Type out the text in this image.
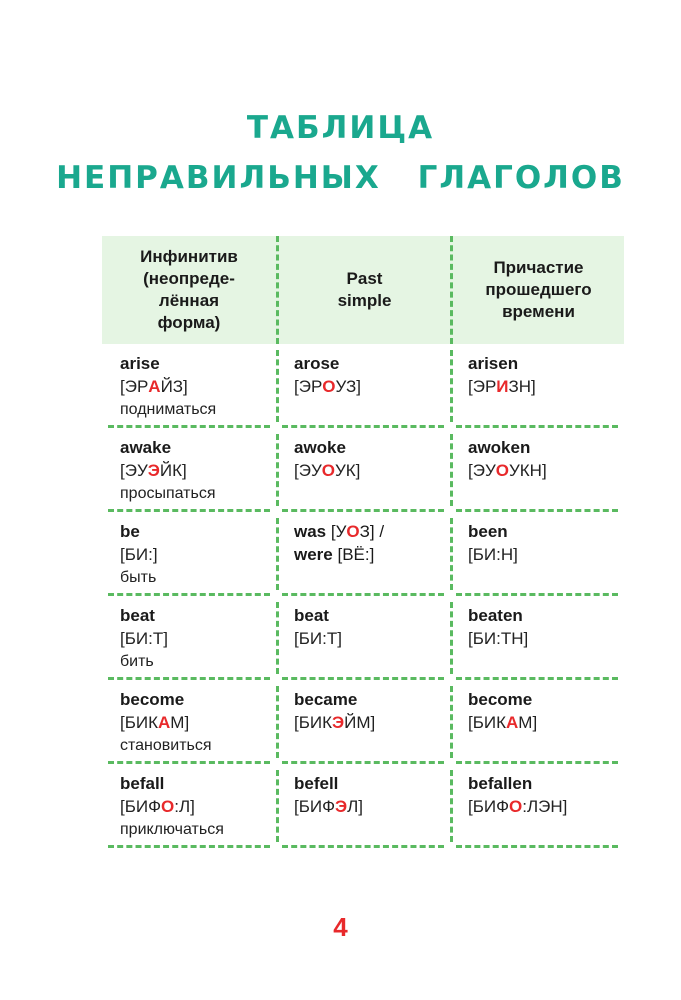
ТАБЛИЦА
НЕПРАВИЛЬНЫХ ГЛАГОЛОВ
Инфинитив
(неопреде-
лённая
форма)
Past
simple
Причастие
прошедшего
времени
arise
[ЭРАЙЗ]
подниматься
arose
[ЭРОУЗ]
arisen
[ЭРИЗН]
awake
[ЭУЭЙК]
просыпаться
awoke
[ЭУОУК]
awoken
[ЭУОУКН]
be
[БИ:]
быть
was [УОЗ] /
were [ВЁ:]
been
[БИ:Н]
beat
[БИ:Т]
бить
beat
[БИ:Т]
beaten
[БИ:ТН]
become
[БИКАМ]
становиться
became
[БИКЭЙМ]
become
[БИКАМ]
befall
[БИФО:Л]
приключаться
befell
[БИФЭЛ]
befallen
[БИФО:ЛЭН]
4
